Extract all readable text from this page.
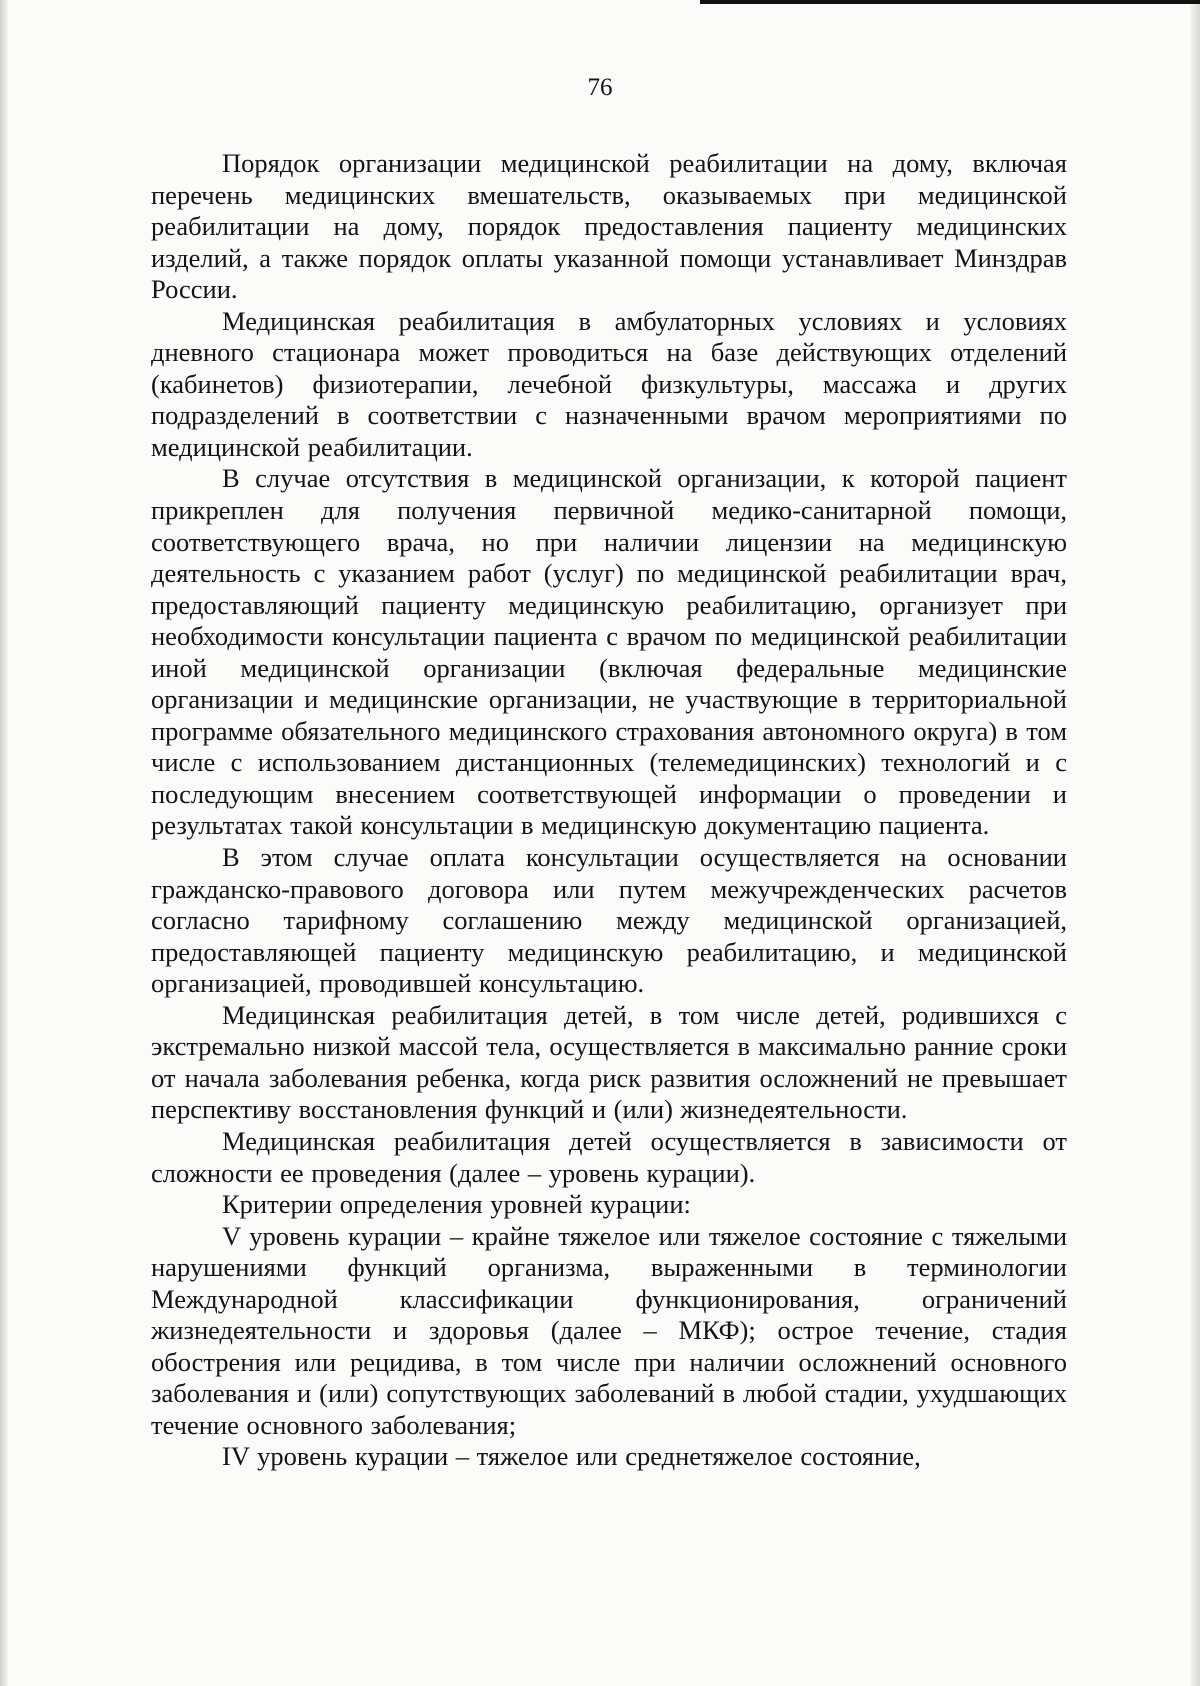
76

Порядок организации медицинской реабилитации на дому, включая перечень медицинских вмешательств, оказываемых при медицинской реабилитации на дому, порядок предоставления пациенту медицинских изделий, а также порядок оплаты указанной помощи устанавливает Минздрав России.

Медицинская реабилитация в амбулаторных условиях и условиях дневного стационара может проводиться на базе действующих отделений (кабинетов) физиотерапии, лечебной физкультуры, массажа и других подразделений в соответствии с назначенными врачом мероприятиями по медицинской реабилитации.

В случае отсутствия в медицинской организации, к которой пациент прикреплен для получения первичной медико-санитарной помощи, соответствующего врача, но при наличии лицензии на медицинскую деятельность с указанием работ (услуг) по медицинской реабилитации врач, предоставляющий пациенту медицинскую реабилитацию, организует при необходимости консультации пациента с врачом по медицинской реабилитации иной медицинской организации (включая федеральные медицинские организации и медицинские организации, не участвующие в территориальной программе обязательного медицинского страхования автономного округа) в том числе с использованием дистанционных (телемедицинских) технологий и с последующим внесением соответствующей информации о проведении и результатах такой консультации в медицинскую документацию пациента.

В этом случае оплата консультации осуществляется на основании гражданско-правового договора или путем межучрежденческих расчетов согласно тарифному соглашению между медицинской организацией, предоставляющей пациенту медицинскую реабилитацию, и медицинской организацией, проводившей консультацию.

Медицинская реабилитация детей, в том числе детей, родившихся с экстремально низкой массой тела, осуществляется в максимально ранние сроки от начала заболевания ребенка, когда риск развития осложнений не превышает перспективу восстановления функций и (или) жизнедеятельности.

Медицинская реабилитация детей осуществляется в зависимости от сложности ее проведения (далее – уровень курации).

Критерии определения уровней курации:

V уровень курации – крайне тяжелое или тяжелое состояние с тяжелыми нарушениями функций организма, выраженными в терминологии Международной классификации функционирования, ограничений жизнедеятельности и здоровья (далее – МКФ); острое течение, стадия обострения или рецидива, в том числе при наличии осложнений основного заболевания и (или) сопутствующих заболеваний в любой стадии, ухудшающих течение основного заболевания;

IV уровень курации – тяжелое или среднетяжелое состояние,
